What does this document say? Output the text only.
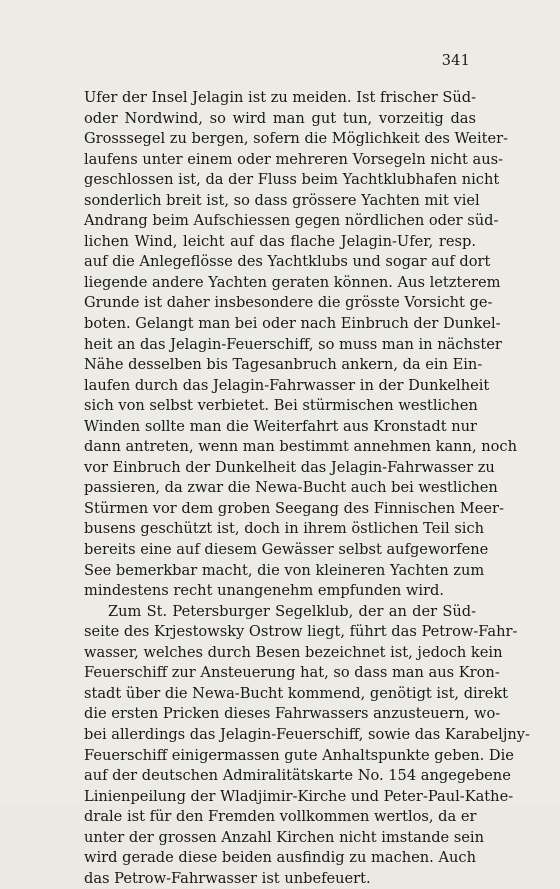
341
Ufer der Insel Jelagin ist zu meiden. Ist frischer Süd-
oder Nordwind, so wird man gut tun, vorzeitig das
Grosssegel zu bergen, sofern die Möglichkeit des Weiter-
laufens unter einem oder mehreren Vorsegeln nicht aus-
geschlossen ist, da der Fluss beim Yachtklubhafen nicht
sonderlich breit ist, so dass grössere Yachten mit viel
Andrang beim Aufschiessen gegen nördlichen oder süd-
lichen Wind, leicht auf das flache Jelagin-Ufer, resp.
auf die Anlegeflösse des Yachtklubs und sogar auf dort
liegende andere Yachten geraten können. Aus letzterem
Grunde ist daher insbesondere die grösste Vorsicht ge-
boten. Gelangt man bei oder nach Einbruch der Dunkel-
heit an das Jelagin-Feuerschiff, so muss man in nächster
Nähe desselben bis Tagesanbruch ankern, da ein Ein-
laufen durch das Jelagin-Fahrwasser in der Dunkelheit
sich von selbst verbietet. Bei stürmischen westlichen
Winden sollte man die Weiterfahrt aus Kronstadt nur
dann antreten, wenn man bestimmt annehmen kann, noch
vor Einbruch der Dunkelheit das Jelagin-Fahrwasser zu
passieren, da zwar die Newa-Bucht auch bei westlichen
Stürmen vor dem groben Seegang des Finnischen Meer-
busens geschützt ist, doch in ihrem östlichen Teil sich
bereits eine auf diesem Gewässer selbst aufgeworfene
See bemerkbar macht, die von kleineren Yachten zum
mindestens recht unangenehm empfunden wird.
Zum St. Petersburger Segelklub, der an der Süd-
seite des Krjestowsky Ostrow liegt, führt das Petrow-Fahr-
wasser, welches durch Besen bezeichnet ist, jedoch kein
Feuerschiff zur Ansteuerung hat, so dass man aus Kron-
stadt über die Newa-Bucht kommend, genötigt ist, direkt
die ersten Pricken dieses Fahrwassers anzusteuern, wo-
bei allerdings das Jelagin-Feuerschiff, sowie das Karabeljny-
Feuerschiff einigermassen gute Anhaltspunkte geben. Die
auf der deutschen Admiralitätskarte No. 154 angegebene
Linienpeilung der Wladjimir-Kirche und Peter-Paul-Kathe-
drale ist für den Fremden vollkommen wertlos, da er
unter der grossen Anzahl Kirchen nicht imstande sein
wird gerade diese beiden ausfindig zu machen. Auch
das Petrow-Fahrwasser ist unbefeuert.
